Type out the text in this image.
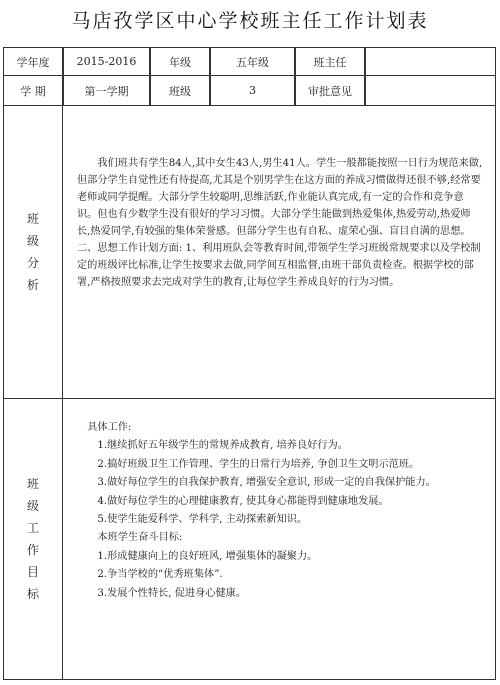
马店孜学区中心学校班主任工作计划表
学年度	2015-2016	年级	五年级	班主任
学 期	第一学期	班级	3	审批意见
班
级
分
析

我们班共有学生84人,其中女生43人,男生41人。学生一般都能按照一日行为规范来做,但部分学生自觉性还有待提高,尤其是个别男学生在这方面的养成习惯做得还很不够,经常要老师或同学提醒。大部分学生较聪明,思维活跃,作业能认真完成,有一定的合作和竞争意识。但也有少数学生没有很好的学习习惯。大部分学生能做到热爱集体,热爱劳动,热爱师长,热爱同学,有较强的集体荣誉感。但部分学生也有自私、虚荣心强、盲目自满的思想。

二、思想工作计划方面: 1、利用班队会等教育时间,带领学生学习班级常规要求以及学校制定的班级评比标准,让学生按要求去做,同学间互相监督,由班干部负责检查。根据学校的部署,严格按照要求去完成对学生的教育,让每位学生养成良好的行为习惯。

班
级
工
作
目
标

具体工作:

1.继续抓好五年级学生的常规养成教育, 培养良好行为。

2.搞好班级卫生工作管理、学生的日常行为培养, 争创卫生文明示范班。

3.做好每位学生的自我保护教育, 增强安全意识, 形成一定的自我保护能力。

4.做好每位学生的心理健康教育, 使其身心都能得到健康地发展。

5.使学生能爱科学、学科学, 主动探索新知识。

本班学生奋斗目标:

1.形成健康向上的良好班风, 增强集体的凝聚力。

2.争当学校的“优秀班集体”.

3.发展个性特长, 促进身心健康。
